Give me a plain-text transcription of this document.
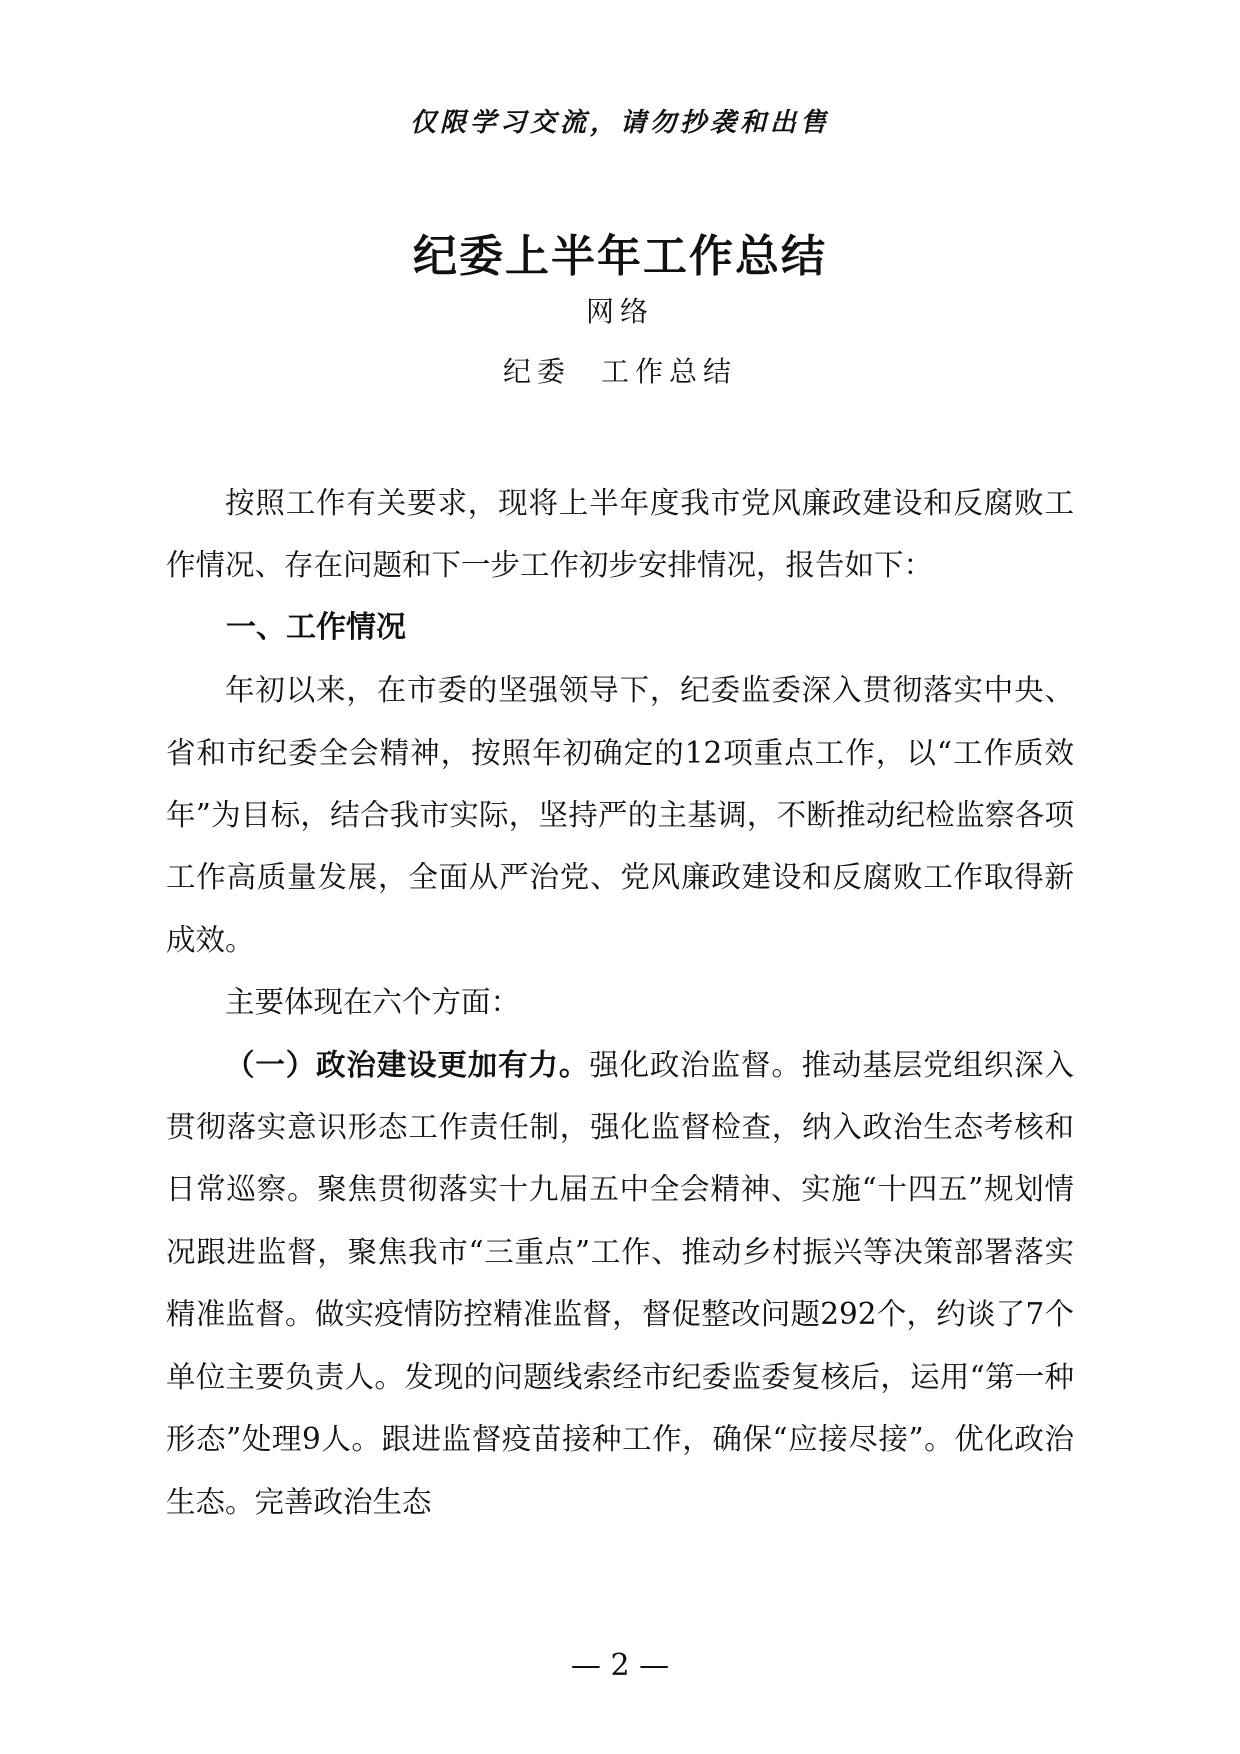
仅限学习交流，请勿抄袭和出售
纪委上半年工作总结
网络
纪委 工作总结

按照工作有关要求，现将上半年度我市党风廉政建设和反腐败工作情况、存在问题和下一步工作初步安排情况，报告如下：

一、工作情况

年初以来，在市委的坚强领导下，纪委监委深入贯彻落实中央、省和市纪委全会精神，按照年初确定的12项重点工作，以“工作质效年”为目标，结合我市实际，坚持严的主基调，不断推动纪检监察各项工作高质量发展，全面从严治党、党风廉政建设和反腐败工作取得新成效。

主要体现在六个方面：

（一）政治建设更加有力。强化政治监督。推动基层党组织深入贯彻落实意识形态工作责任制，强化监督检查，纳入政治生态考核和日常巡察。聚焦贯彻落实十九届五中全会精神、实施“十四五”规划情况跟进监督，聚焦我市“三重点”工作、推动乡村振兴等决策部署落实精准监督。做实疫情防控精准监督，督促整改问题292个，约谈了7个单位主要负责人。发现的问题线索经市纪委监委复核后，运用“第一种形态”处理9人。跟进监督疫苗接种工作，确保“应接尽接”。优化政治生态。完善政治生态

— 2 —
